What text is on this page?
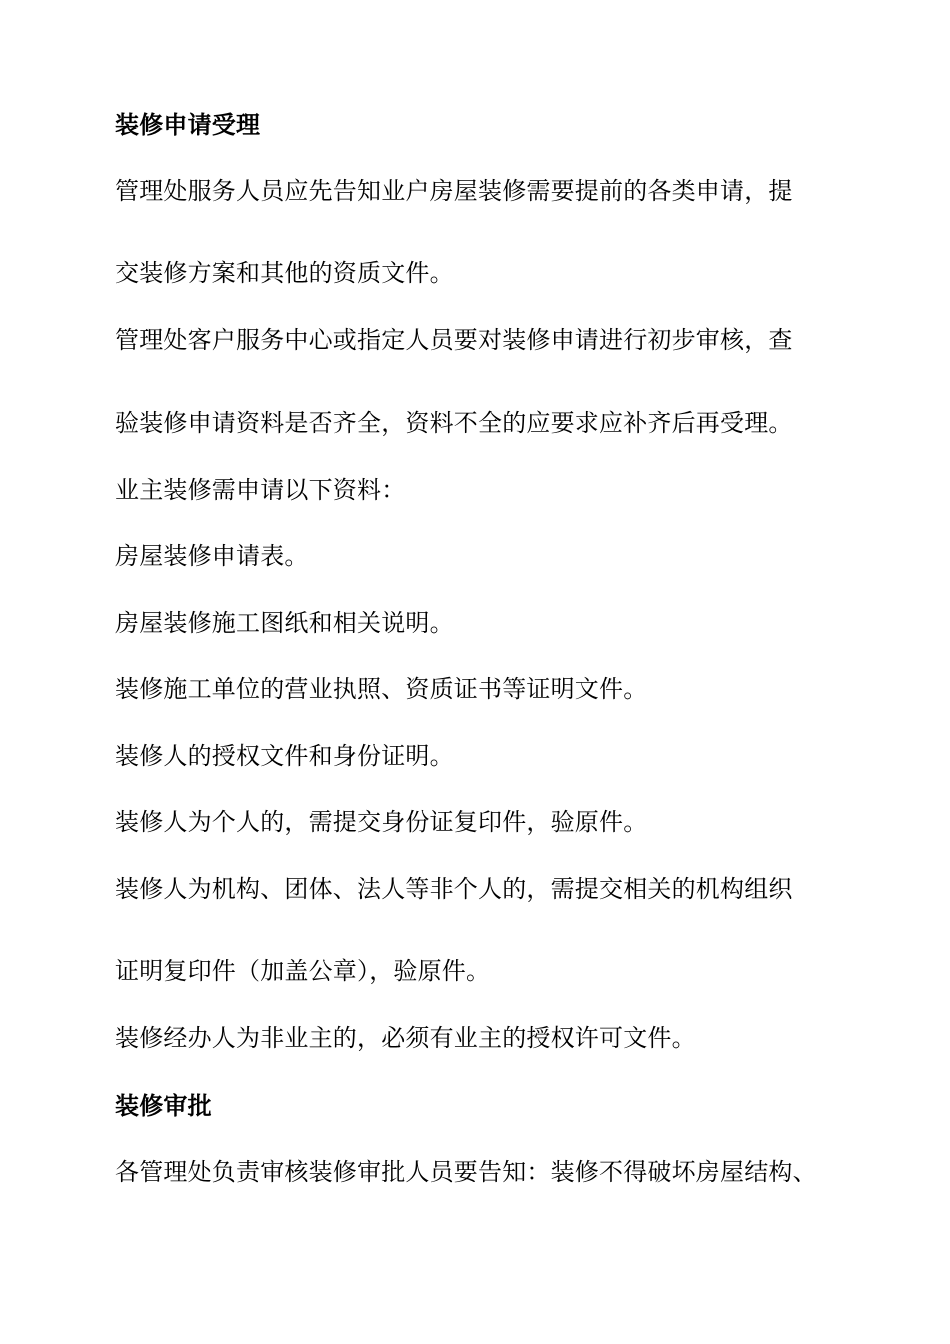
装修申请受理
管理处服务人员应先告知业户房屋装修需要提前的各类申请，提
交装修方案和其他的资质文件。
管理处客户服务中心或指定人员要对装修申请进行初步审核，查
验装修申请资料是否齐全，资料不全的应要求应补齐后再受理。
业主装修需申请以下资料：
房屋装修申请表。
房屋装修施工图纸和相关说明。
装修施工单位的营业执照、资质证书等证明文件。
装修人的授权文件和身份证明。
装修人为个人的，需提交身份证复印件，验原件。
装修人为机构、团体、法人等非个人的，需提交相关的机构组织
证明复印件（加盖公章），验原件。
装修经办人为非业主的，必须有业主的授权许可文件。
装修审批
各管理处负责审核装修审批人员要告知：装修不得破坏房屋结构、
